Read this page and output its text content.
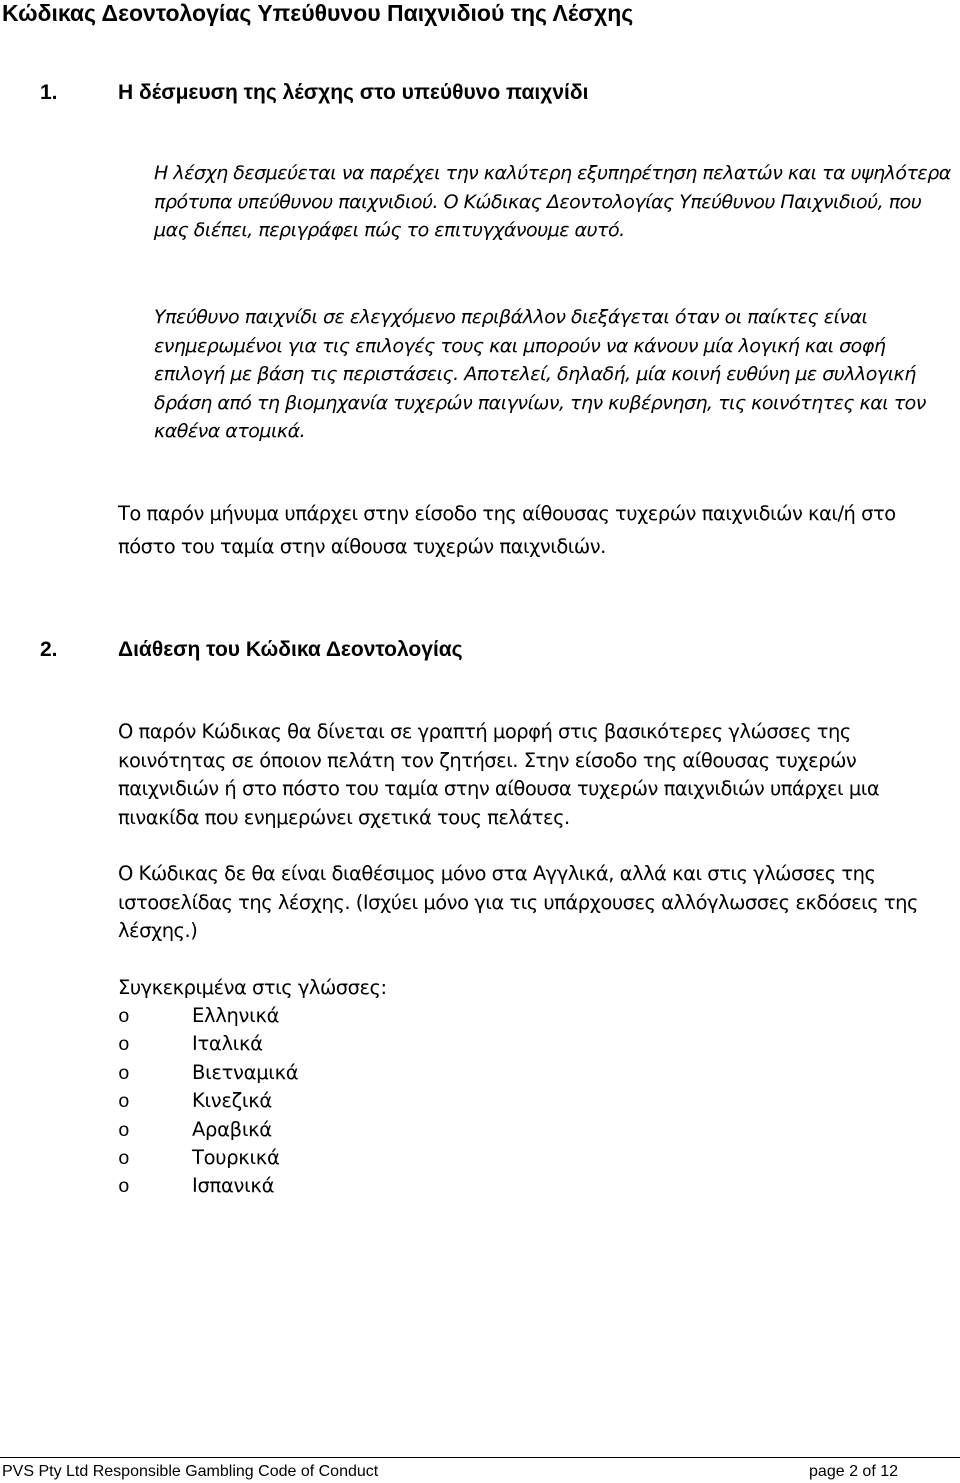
Κώδικας Δεοντολογίας Υπεύθυνου Παιχνιδιού της Λέσχης
1.	Η δέσμευση της λέσχης στο υπεύθυνο παιχνίδι

Η λέσχη δεσμεύεται να παρέχει την καλύτερη εξυπηρέτηση πελατών και τα υψηλότερα πρότυπα υπεύθυνου παιχνιδιού. Ο Κώδικας Δεοντολογίας Υπεύθυνου Παιχνιδιού, που μας διέπει, περιγράφει πώς το επιτυγχάνουμε αυτό.

Υπεύθυνο παιχνίδι σε ελεγχόμενο περιβάλλον διεξάγεται όταν οι παίκτες είναι ενημερωμένοι για τις επιλογές τους και μπορούν να κάνουν μία λογική και σοφή επιλογή με βάση τις περιστάσεις. Αποτελεί, δηλαδή, μία κοινή ευθύνη με συλλογική δράση από τη βιομηχανία τυχερών παιγνίων, την κυβέρνηση, τις κοινότητες και τον καθένα ατομικά.

Το παρόν μήνυμα υπάρχει στην είσοδο της αίθουσας τυχερών παιχνιδιών και/ή στο πόστο του ταμία στην αίθουσα τυχερών παιχνιδιών.

2.	Διάθεση του Κώδικα Δεοντολογίας

Ο παρόν Κώδικας θα δίνεται σε γραπτή μορφή στις βασικότερες γλώσσες της κοινότητας σε όποιον πελάτη τον ζητήσει. Στην είσοδο της αίθουσας τυχερών παιχνιδιών ή στο πόστο του ταμία στην αίθουσα τυχερών παιχνιδιών υπάρχει μια πινακίδα που ενημερώνει σχετικά τους πελάτες.

Ο Κώδικας δε θα είναι διαθέσιμος μόνο στα Αγγλικά, αλλά και στις γλώσσες της ιστοσελίδας της λέσχης. (Ισχύει μόνο για τις υπάρχουσες αλλόγλωσσες εκδόσεις της λέσχης.)

Συγκεκριμένα στις γλώσσες:

o	Ελληνικά
o	Ιταλικά
o	Βιετναμικά
o	Κινεζικά
o	Αραβικά
o	Τουρκικά
o	Ισπανικά

PVS Pty Ltd Responsible Gambling Code of Conduct	page 2 of 12
